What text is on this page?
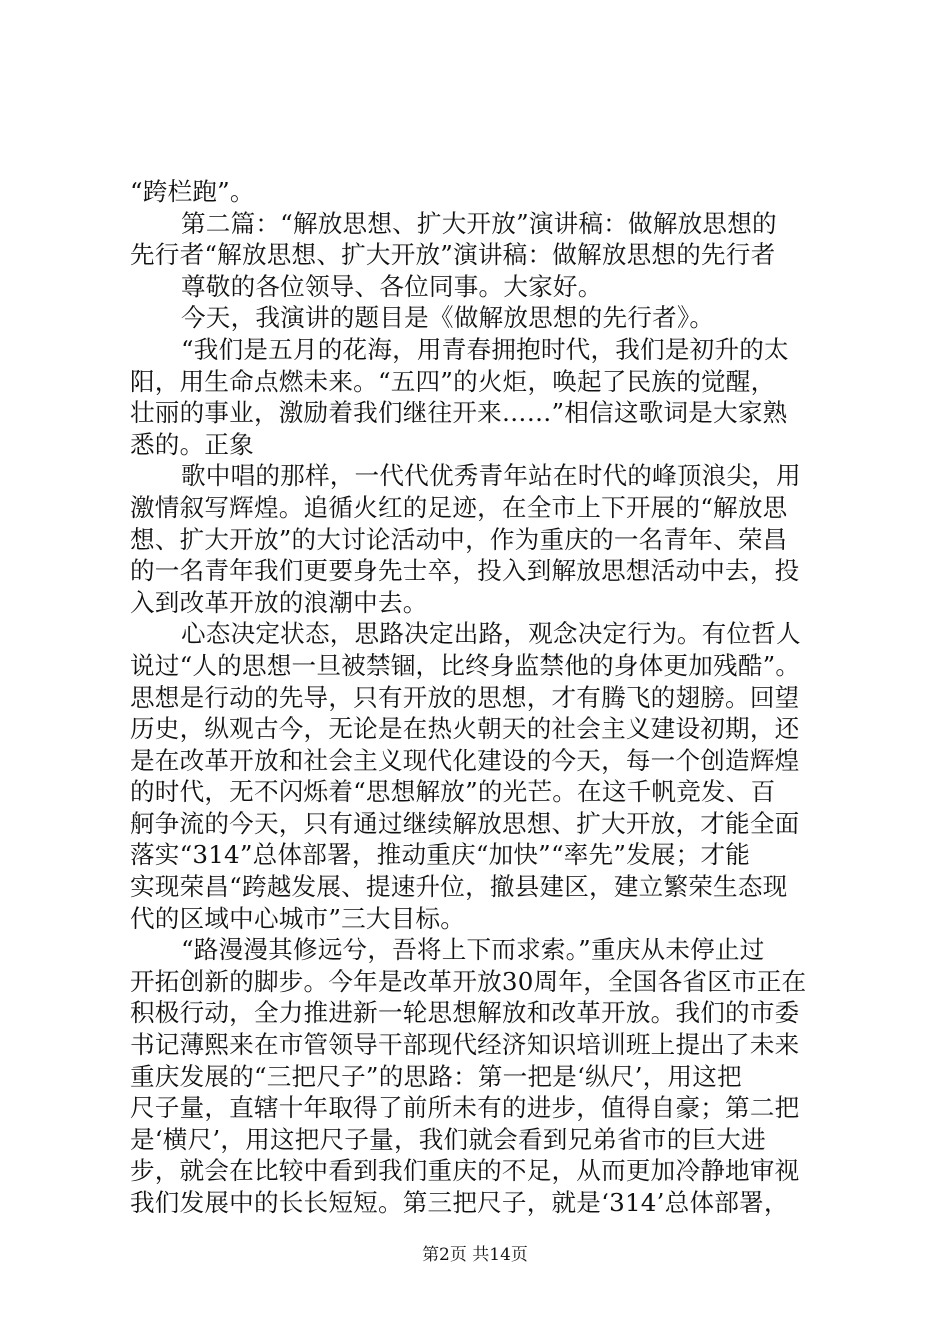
“跨栏跑”。
第二篇：“解放思想、扩大开放”演讲稿：做解放思想的
先行者“解放思想、扩大开放”演讲稿：做解放思想的先行者
尊敬的各位领导、各位同事。大家好。
今天，我演讲的题目是《做解放思想的先行者》。
“我们是五月的花海，用青春拥抱时代，我们是初升的太
阳，用生命点燃未来。“五四”的火炬，唤起了民族的觉醒，
壮丽的事业，激励着我们继往开来……”相信这歌词是大家熟
悉的。正象
歌中唱的那样，一代代优秀青年站在时代的峰顶浪尖，用
激情叙写辉煌。追循火红的足迹，在全市上下开展的“解放思
想、扩大开放”的大讨论活动中，作为重庆的一名青年、荣昌
的一名青年我们更要身先士卒，投入到解放思想活动中去，投
入到改革开放的浪潮中去。
心态决定状态，思路决定出路，观念决定行为。有位哲人
说过“人的思想一旦被禁锢，比终身监禁他的身体更加残酷”。
思想是行动的先导，只有开放的思想，才有腾飞的翅膀。回望
历史，纵观古今，无论是在热火朝天的社会主义建设初期，还
是在改革开放和社会主义现代化建设的今天，每一个创造辉煌
的时代，无不闪烁着“思想解放”的光芒。在这千帆竞发、百
舸争流的今天，只有通过继续解放思想、扩大开放，才能全面
落实“314”总体部署，推动重庆“加快”“率先”发展；才能
实现荣昌“跨越发展、提速升位，撤县建区，建立繁荣生态现
代的区域中心城市”三大目标。
“路漫漫其修远兮，吾将上下而求索。”重庆从未停止过
开拓创新的脚步。今年是改革开放30周年，全国各省区市正在
积极行动，全力推进新一轮思想解放和改革开放。我们的市委
书记薄熙来在市管领导干部现代经济知识培训班上提出了未来
重庆发展的“三把尺子”的思路：第一把是‘纵尺’，用这把
尺子量，直辖十年取得了前所未有的进步，值得自豪；第二把
是‘横尺’，用这把尺子量，我们就会看到兄弟省市的巨大进
步，就会在比较中看到我们重庆的不足，从而更加冷静地审视
我们发展中的长长短短。第三把尺子，就是‘314’总体部署，
第2页 共14页
